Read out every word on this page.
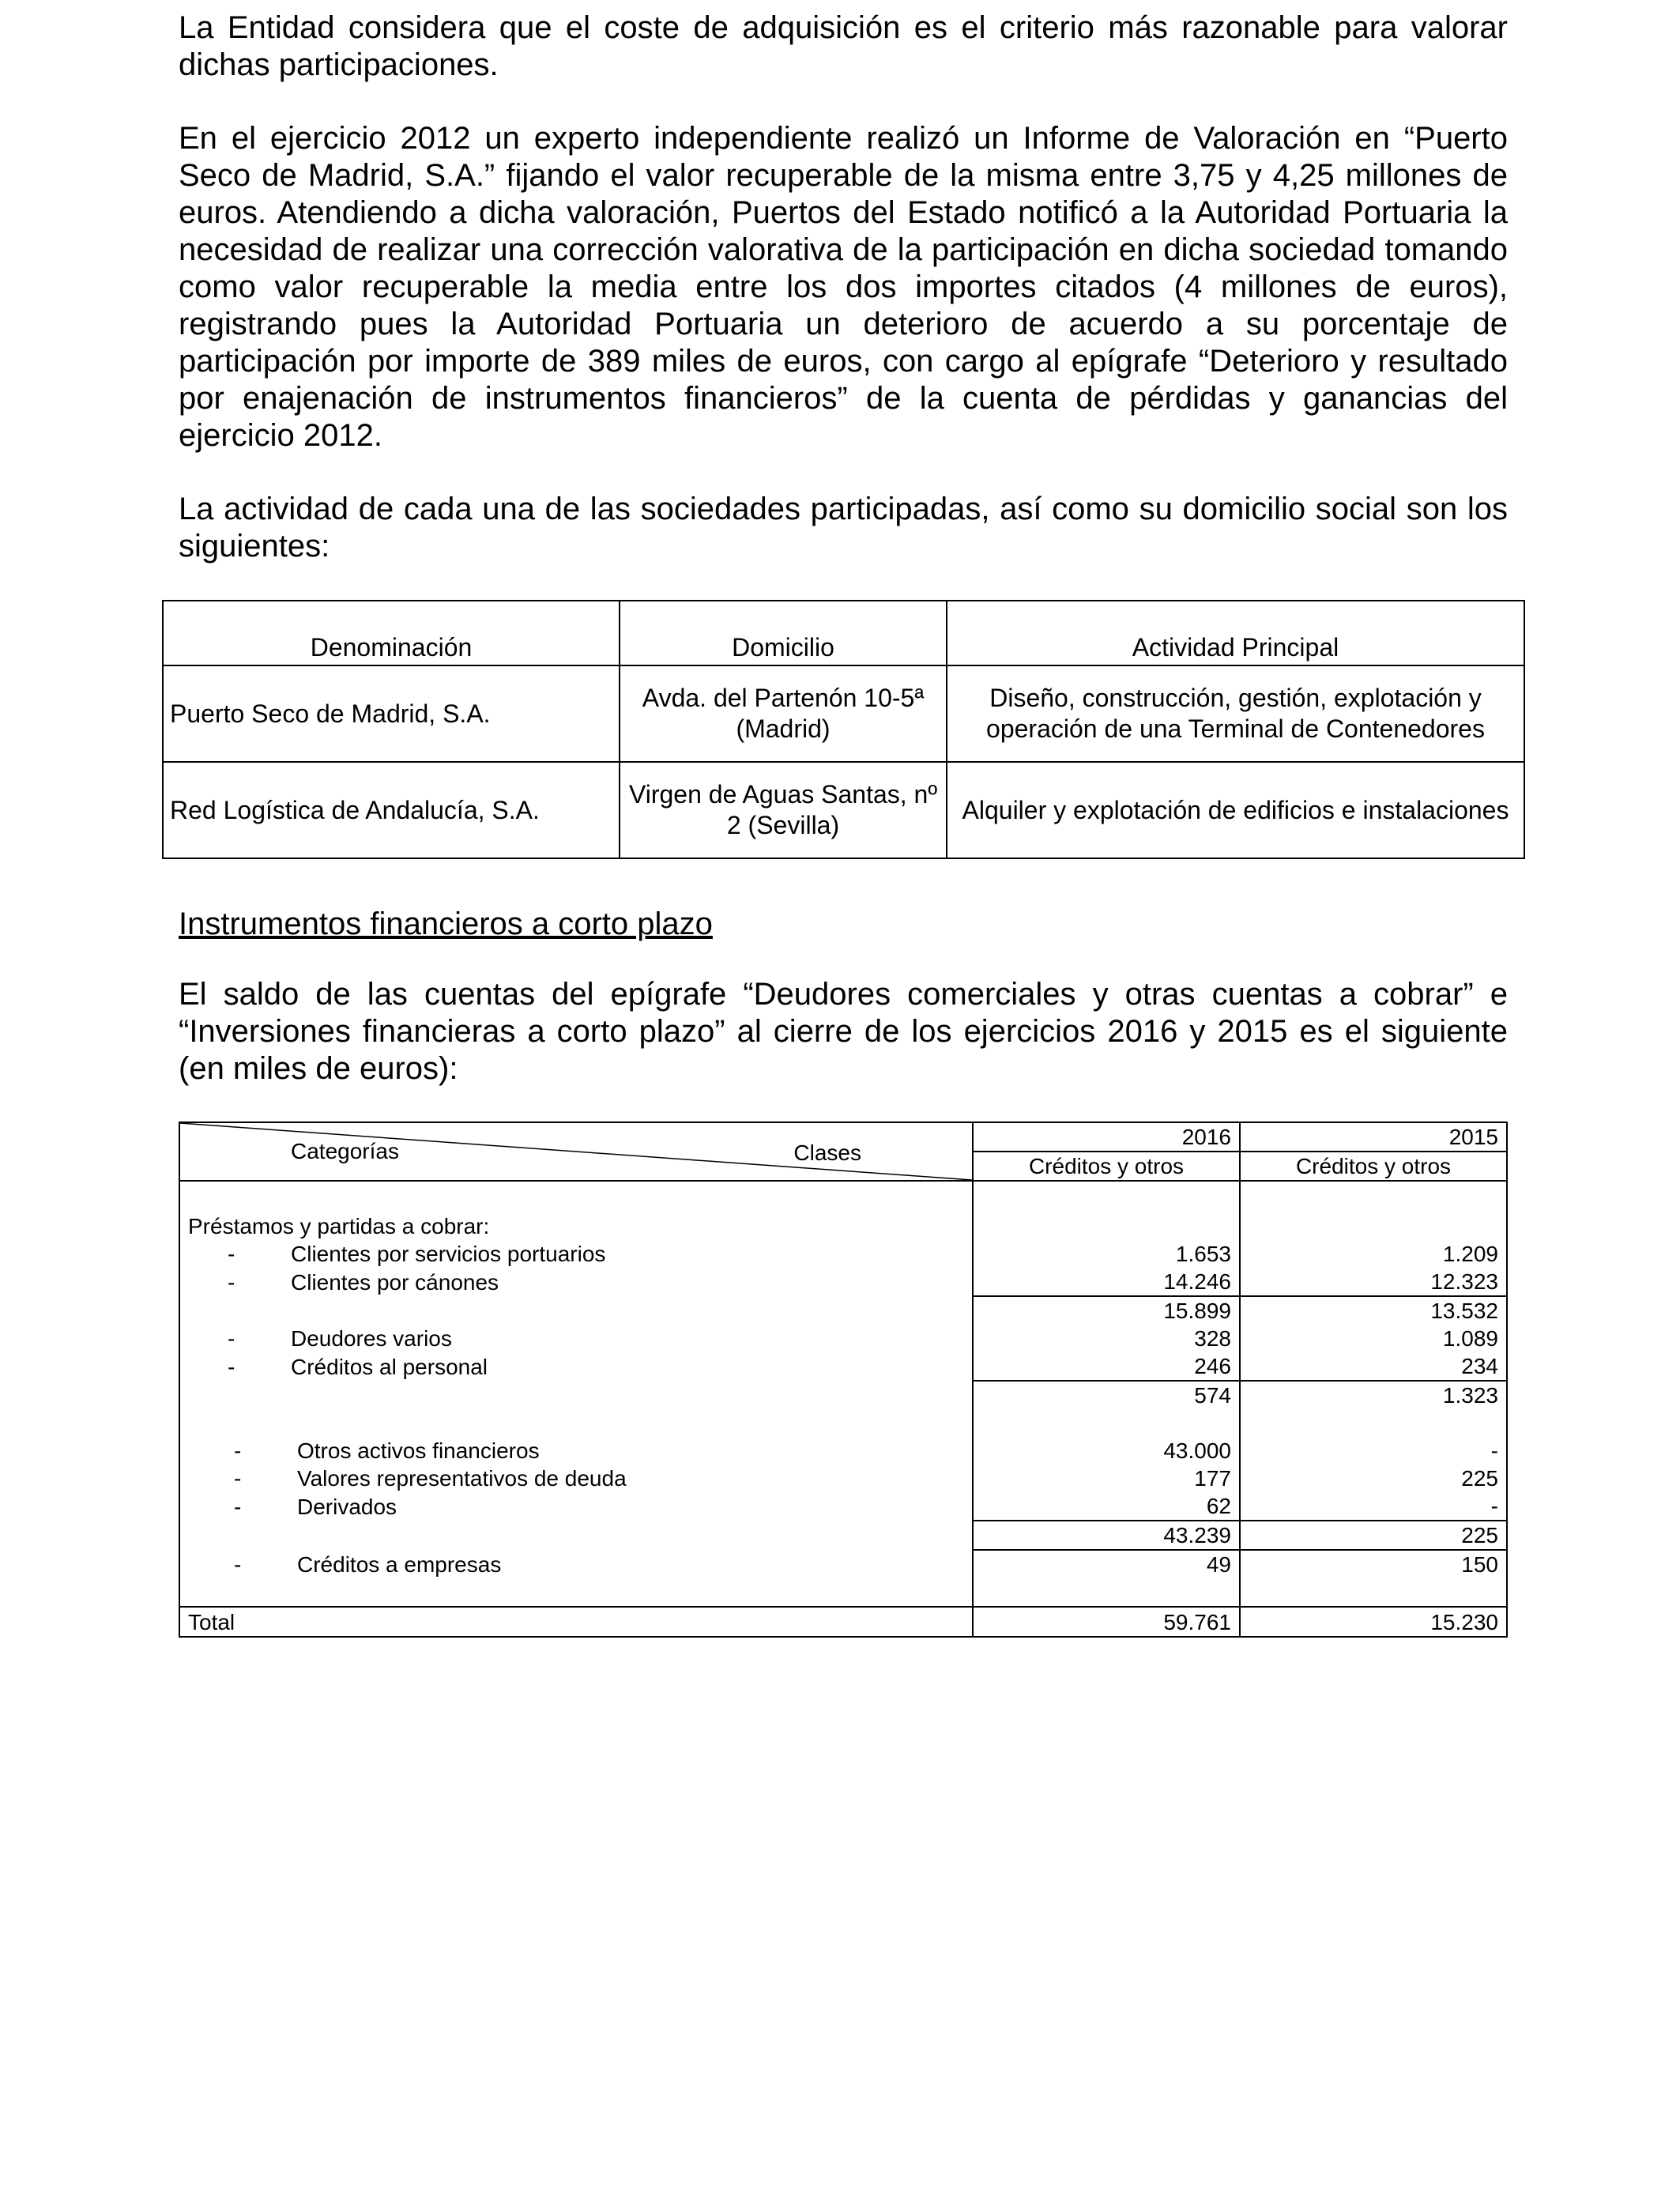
La Entidad considera que el coste de adquisición es el criterio más razonable para valorar dichas participaciones.

En el ejercicio 2012 un experto independiente realizó un Informe de Valoración en “Puerto Seco de Madrid, S.A.” fijando el valor recuperable de la misma entre 3,75 y 4,25 millones de euros. Atendiendo a dicha valoración, Puertos del Estado notificó a la Autoridad Portuaria la necesidad de realizar una corrección valorativa de la participación en dicha sociedad tomando como valor recuperable la media entre los dos importes citados (4 millones de euros), registrando pues la Autoridad Portuaria un deterioro de acuerdo a su porcentaje de participación por importe de 389 miles de euros, con cargo al epígrafe “Deterioro y resultado por enajenación de instrumentos financieros” de la cuenta de pérdidas y ganancias del ejercicio 2012.

La actividad de cada una de las sociedades participadas, así como su domicilio social son los siguientes:

Denominación	Domicilio	Actividad Principal
Puerto Seco de Madrid, S.A.	Avda. del Partenón 10-5ª (Madrid)	Diseño, construcción, gestión, explotación y operación de una Terminal de Contenedores
Red Logística de Andalucía, S.A.	Virgen de Aguas Santas, nº 2 (Sevilla)	Alquiler y explotación de edificios e instalaciones

Instrumentos financieros a corto plazo

El saldo de las cuentas del epígrafe “Deudores comerciales y otras cuentas a cobrar” e “Inversiones financieras a corto plazo” al cierre de los ejercicios 2016 y 2015 es el siguiente (en miles de euros):

Categorías Clases	2016	2015
	Créditos y otros	Créditos y otros

Préstamos y partidas a cobrar:		

- Clientes por servicios portuarios	1.653	1.209

- Clientes por cánones	14.246	12.323

	15.899	13.532

- Deudores varios	328	1.089

- Créditos al personal	246	234

	574	1.323

- Otros activos financieros	43.000	-

- Valores representativos de deuda	177	225

- Derivados	62	-

	43.239	225

- Créditos a empresas	49	150

Total	59.761	15.230
